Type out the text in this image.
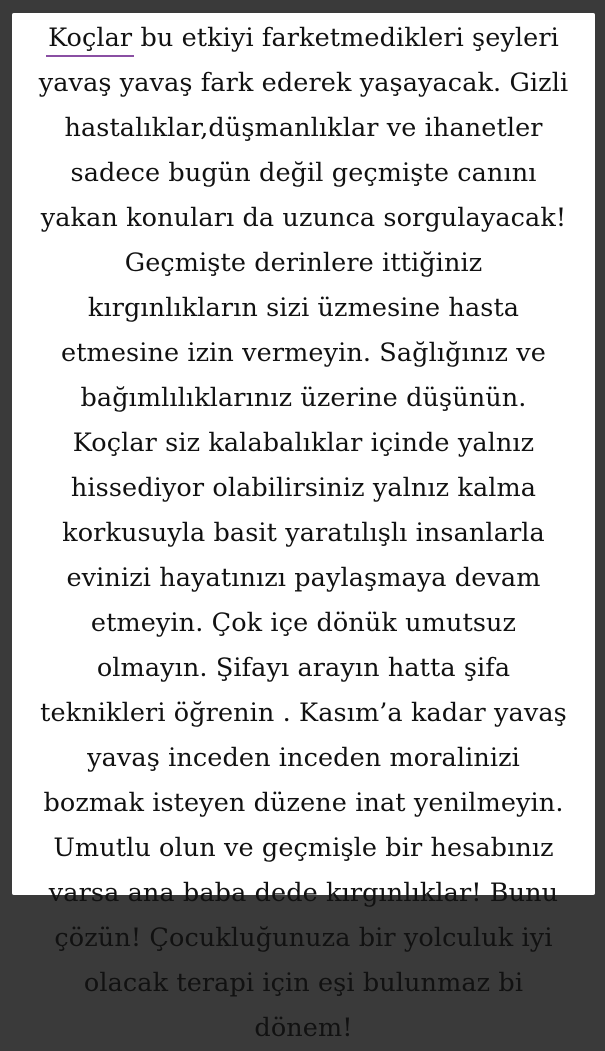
Koçlar
bu etkiyi farketmedikleri şeyleri
yavaş yavaş fark ederek yaşayacak. Gizli
hastalıklar,düşmanlıklar ve ihanetler
sadece bugün değil geçmişte canını
yakan konuları da uzunca sorgulayacak!
Geçmişte derinlere ittiğiniz
kırgınlıkların sizi üzmesine hasta
etmesine izin vermeyin. Sağlığınız ve
bağımlılıklarınız üzerine düşünün.
Koçlar siz kalabalıklar içinde yalnız
hissediyor olabilirsiniz yalnız kalma
korkusuyla basit yaratılışlı insanlarla
evinizi hayatınızı paylaşmaya devam
etmeyin. Çok içe dönük umutsuz
olmayın. Şifayı arayın hatta şifa
teknikleri öğrenin . Kasım’a kadar yavaş
yavaş inceden inceden moralinizi
bozmak isteyen düzene inat yenilmeyin.
Umutlu olun ve geçmişle bir hesabınız
varsa ana baba dede kırgınlıklar! Bunu
çözün! Çocukluğunuza bir yolculuk iyi
olacak terapi için eşi bulunmaz bi
dönem!
